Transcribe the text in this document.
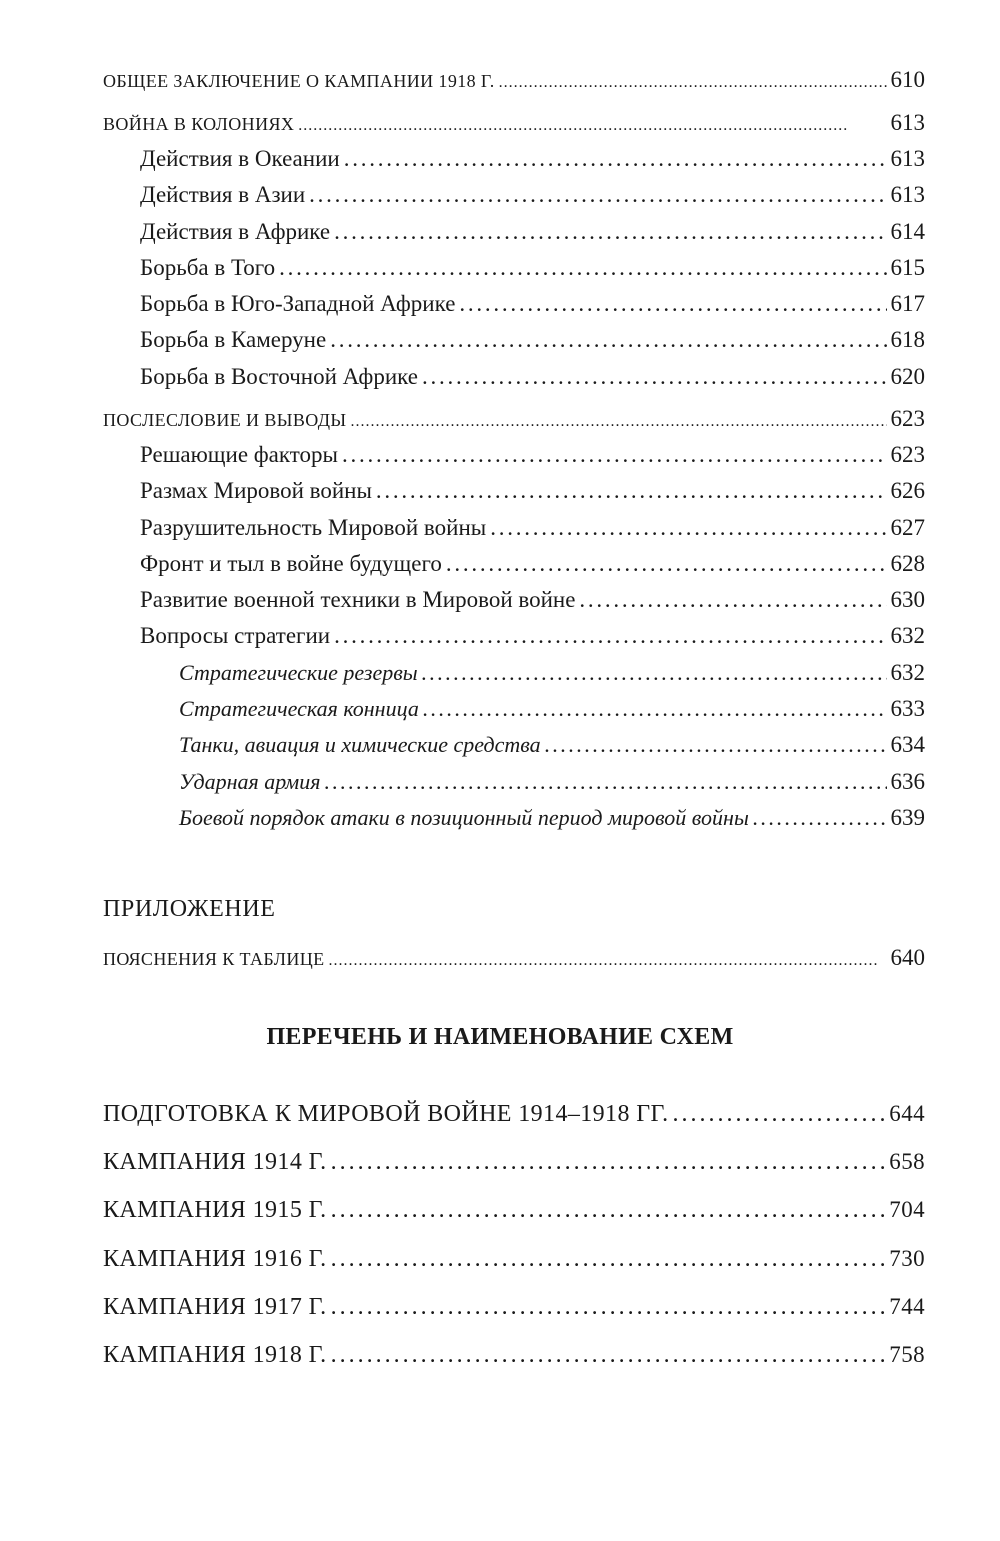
ОБЩЕЕ ЗАКЛЮЧЕНИЕ О КАМПАНИИ 1918 Г. . . .	610
ВОЙНА В КОЛОНИЯХ . . .	613
Действия в Океании . . .	613
Действия в Азии . . .	613
Действия в Африке . . .	614
Борьба в Того . . .	615
Борьба в Юго-Западной Африке . . .	617
Борьба в Камеруне . . .	618
Борьба в Восточной Африке . . .	620
ПОСЛЕСЛОВИЕ И ВЫВОДЫ . . .	623
Решающие факторы . . .	623
Размах Мировой войны . . .	626
Разрушительность Мировой войны . . .	627
Фронт и тыл в войне будущего . . .	628
Развитие военной техники в Мировой войне . . .	630
Вопросы стратегии . . .	632
Стратегические резервы . . .	632
Стратегическая конница . . .	633
Танки, авиация и химические средства . . .	634
Ударная армия . . .	636
Боевой порядок атаки в позиционный период мировой войны . . .	639
ПРИЛОЖЕНИЕ
ПОЯСНЕНИЯ К ТАБЛИЦЕ . . .	640
ПЕРЕЧЕНЬ И НАИМЕНОВАНИЕ СХЕМ
ПОДГОТОВКА К МИРОВОЙ ВОЙНЕ 1914–1918 ГГ. . . .	644
КАМПАНИЯ 1914 Г. . . .	658
КАМПАНИЯ 1915 Г. . . .	704
КАМПАНИЯ 1916 Г. . . .	730
КАМПАНИЯ 1917 Г. . . .	744
КАМПАНИЯ 1918 Г. . . .	758
